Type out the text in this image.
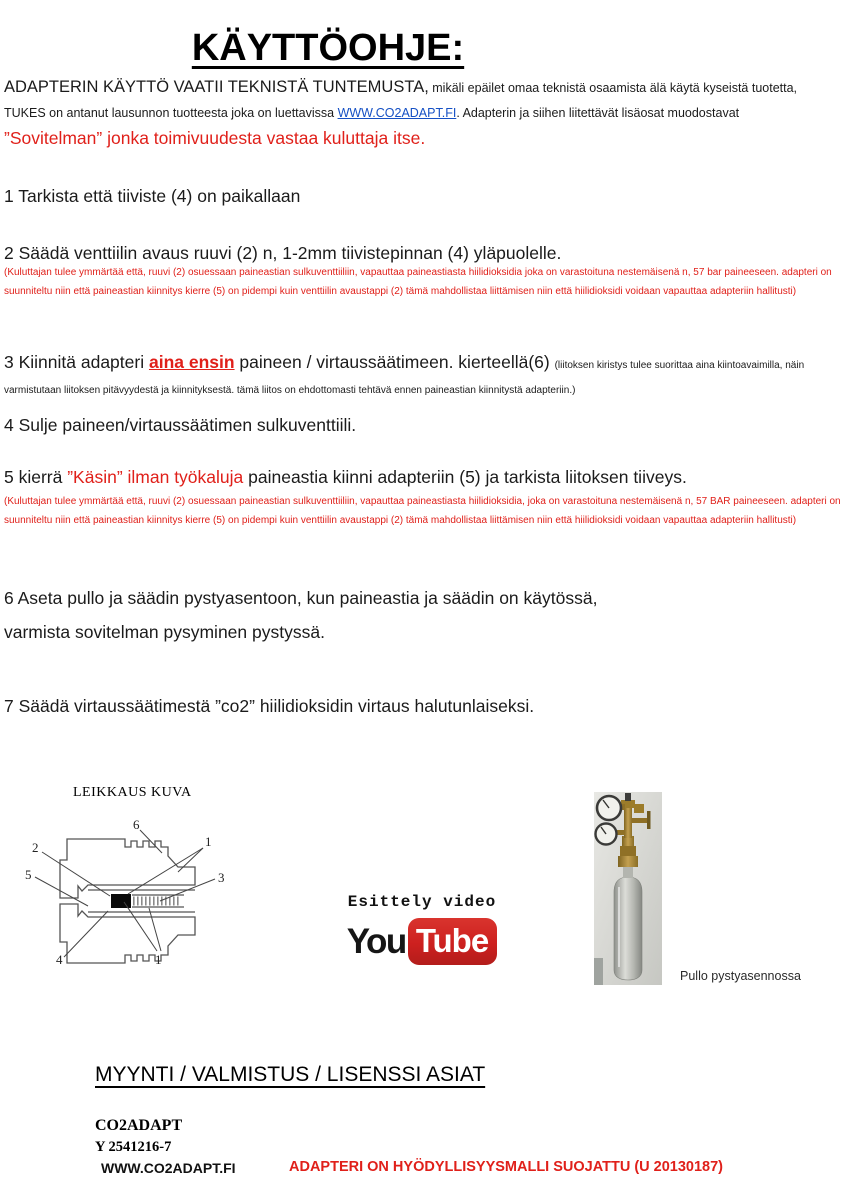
KÄYTTÖOHJE:

ADAPTERIN KÄYTTÖ VAATII TEKNISTÄ TUNTEMUSTA, mikäli epäilet omaa teknistä osaamista älä käytä kyseistä tuotetta,

TUKES on antanut lausunnon tuotteesta joka on luettavissa WWW.CO2ADAPT.FI. Adapterin ja siihen liitettävät lisäosat muodostavat

”Sovitelman” jonka toimivuudesta vastaa kuluttaja itse.

1 Tarkista että tiiviste (4) on paikallaan

2 Säädä venttiilin avaus ruuvi (2) n, 1-2mm tiivistepinnan (4) yläpuolelle.

(Kuluttajan tulee ymmärtää että, ruuvi (2) osuessaan paineastian sulkuventtiiliin, vapauttaa paineastiasta hiilidioksidia joka on varastoituna nestemäisenä n, 57 bar paineeseen. adapteri on suunniteltu niin että paineastian kiinnitys kierre (5) on pidempi kuin venttiilin avaustappi (2) tämä mahdollistaa liittämisen niin että hiilidioksidi voidaan vapauttaa adapteriin hallitusti)

3 Kiinnitä adapteri aina ensin paineen / virtaussäätimeen. kierteellä(6) (liitoksen kiristys tulee suorittaa aina kiintoavaimilla, näin varmistutaan liitoksen pitävyydestä ja kiinnityksestä. tämä liitos on ehdottomasti tehtävä ennen paineastian kiinnitystä adapteriin.)

4 Sulje paineen/virtaussäätimen sulkuventtiili.

5 kierrä ”Käsin” ilman työkaluja paineastia kiinni adapteriin (5) ja tarkista liitoksen tiiveys.

(Kuluttajan tulee ymmärtää että, ruuvi (2) osuessaan paineastian sulkuventtiiliin, vapauttaa paineastiasta hiilidioksidia, joka on varastoituna nestemäisenä n, 57 BAR paineeseen. adapteri on suunniteltu niin että paineastian kiinnitys kierre (5) on pidempi kuin venttiilin avaustappi (2) tämä mahdollistaa liittämisen niin että hiilidioksidi voidaan vapauttaa adapteriin hallitusti)

6 Aseta pullo ja säädin pystyasentoon, kun paineastia ja säädin on käytössä,
varmista sovitelman pysyminen pystyssä.

7 Säädä virtaussäätimestä ”co2” hiilidioksidin virtaus halutunlaiseksi.

LEIKKAUS KUVA
6
1
2
5	3
4	1
Esittely video
You Tube
Pullo pystyasennossa
MYYNTI / VALMISTUS / LISENSSI ASIAT
CO2ADAPT
Y 2541216-7
WWW.CO2ADAPT.FI	ADAPTERI ON HYÖDYLLISYYSMALLI SUOJATTU (U 20130187)
